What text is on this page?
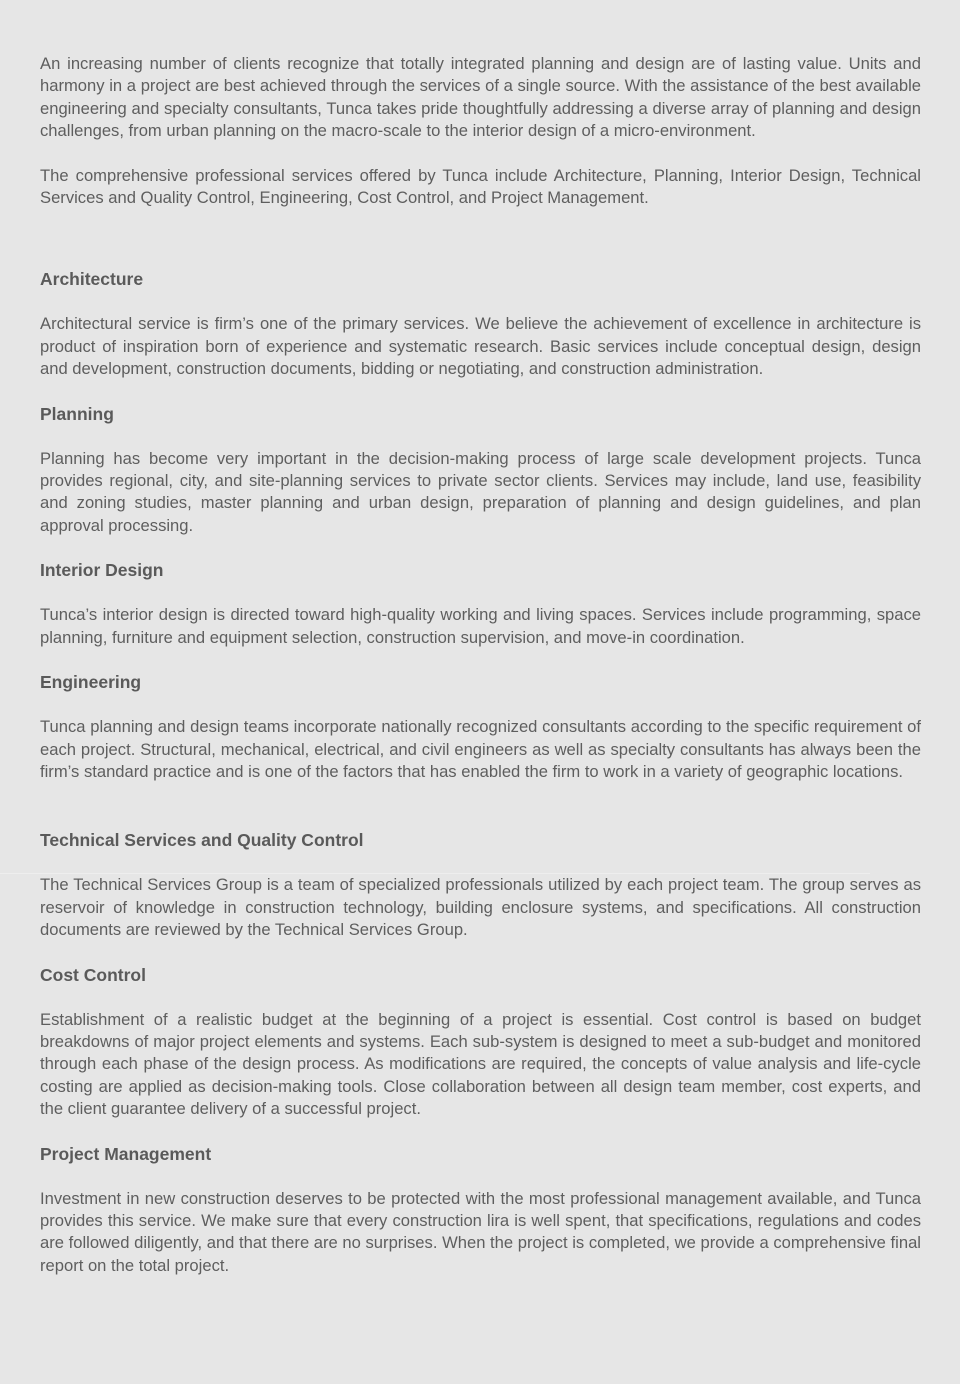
An increasing number of clients recognize that totally integrated planning and design are of lasting value. Units and harmony in a project are best achieved through the services of a single source. With the assistance of the best available engineering and specialty consultants, Tunca takes pride thoughtfully addressing a diverse array of planning and design challenges, from urban planning on the macro-scale to the interior design of a micro-environment.

The comprehensive professional services offered by Tunca include Architecture, Planning, Interior Design, Technical Services and Quality Control, Engineering, Cost Control, and Project Management.

Architecture

Architectural service is firm’s one of the primary services. We believe the achievement of excellence in architecture is product of inspiration born of experience and systematic research. Basic services include conceptual design, design and development, construction documents, bidding or negotiating, and construction administration.

Planning

Planning has become very important in the decision-making process of large scale development projects. Tunca provides regional, city, and site-planning services to private sector clients. Services may include, land use, feasibility and zoning studies, master planning and urban design, preparation of planning and design guidelines, and plan approval processing.

Interior Design

Tunca’s interior design is directed toward high-quality working and living spaces. Services include programming, space planning, furniture and equipment selection, construction supervision, and move-in coordination.

Engineering

Tunca planning and design teams incorporate nationally recognized consultants according to the specific requirement of each project. Structural, mechanical, electrical, and civil engineers as well as specialty consultants has always been the firm’s standard practice and is one of the factors that has enabled the firm to work in a variety of geographic locations.

Technical Services and Quality Control

The Technical Services Group is a team of specialized professionals utilized by each project team. The group serves as reservoir of knowledge in construction technology, building enclosure systems, and specifications. All construction documents are reviewed by the Technical Services Group.

Cost Control

Establishment of a realistic budget at the beginning of a project is essential. Cost control is based on budget breakdowns of major project elements and systems. Each sub-system is designed to meet a sub-budget and monitored through each phase of the design process. As modifications are required, the concepts of value analysis and life-cycle costing are applied as decision-making tools. Close collaboration between all design team member, cost experts, and the client guarantee delivery of a successful project.

Project Management

Investment in new construction deserves to be protected with the most professional management available, and Tunca provides this service. We make sure that every construction lira is well spent, that specifications, regulations and codes are followed diligently, and that there are no surprises. When the project is completed, we provide a comprehensive final report on the total project.
